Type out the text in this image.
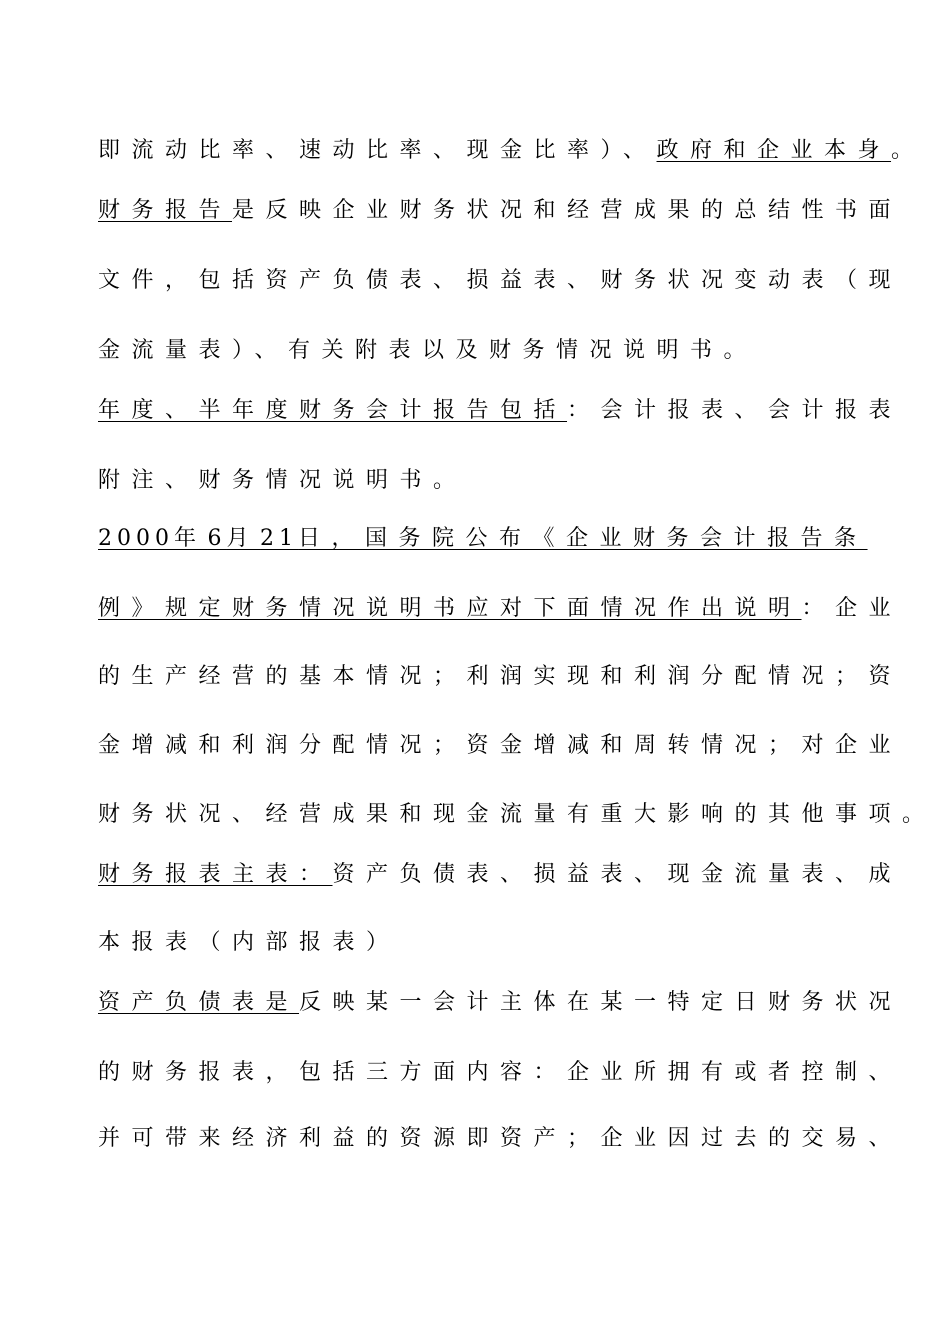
即流动比率、速动比率、现金比率）、政府和企业本身。
财务报告是反映企业财务状况和经营成果的总结性书面
文件，包括资产负债表、损益表、财务状况变动表（现
金流量表）、有关附表以及财务情况说明书。
年度、半年度财务会计报告包括：会计报表、会计报表
附注、财务情况说明书。
2000年6月21日，国务院公布《企业财务会计报告条
例》规定财务情况说明书应对下面情况作出说明：企业
的生产经营的基本情况；利润实现和利润分配情况；资
金增减和利润分配情况；资金增减和周转情况；对企业
财务状况、经营成果和现金流量有重大影响的其他事项。
财务报表主表：资产负债表、损益表、现金流量表、成
本报表（内部报表）
资产负债表是反映某一会计主体在某一特定日财务状况
的财务报表，包括三方面内容：企业所拥有或者控制、
并可带来经济利益的资源即资产；企业因过去的交易、
